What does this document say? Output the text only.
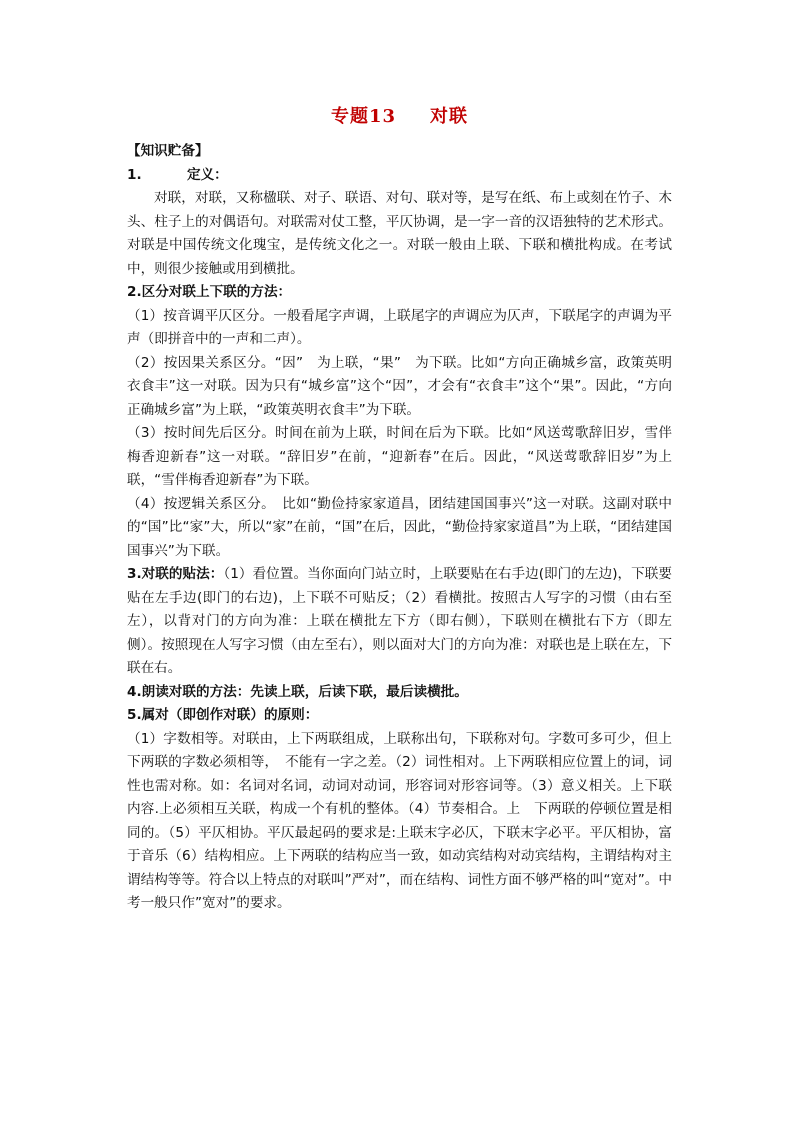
专题13 对联

【知识贮备】

1.	定义：

对联，对联，又称楹联、对子、联语、对句、联对等，是写在纸、布上或刻在竹子、木头、柱子上的对偶语句。对联需对仗工整，平仄协调，是一字一音的汉语独特的艺术形式。对联是中国传统文化瑰宝，是传统文化之一。对联一般由上联、下联和横批构成。在考试中，则很少接触或用到横批。

2.区分对联上下联的方法：

（1）按音调平仄区分。一般看尾字声调，上联尾字的声调应为仄声，下联尾字的声调为平声（即拼音中的一声和二声）。

（2）按因果关系区分。“因”　为上联，“果”　为下联。比如“方向正确城乡富，政策英明衣食丰”这一对联。因为只有“城乡富”这个“因”，才会有“衣食丰”这个“果”。因此，“方向正确城乡富”为上联，“政策英明衣食丰”为下联。

（3）按时间先后区分。时间在前为上联，时间在后为下联。比如“风送莺歌辞旧岁，雪伴梅香迎新春”这一对联。“辞旧岁”在前，“迎新春”在后。因此，“风送莺歌辞旧岁”为上联，“雪伴梅香迎新春”为下联。

（4）按逻辑关系区分。　比如“勤俭持家家道昌，团结建国国事兴”这一对联。这副对联中的“国”比“家”大，所以“家”在前，“国”在后，因此，“勤俭持家家道昌”为上联，“团结建国国事兴”为下联。

3.对联的贴法：（1）看位置。当你面向门站立时，上联要贴在右手边(即门的左边)，下联要贴在左手边(即门的右边)，上下联不可贴反；（2）看横批。按照古人写字的习惯（由右至左），以背对门的方向为准：上联在横批左下方（即右侧），下联则在横批右下方（即左侧）。按照现在人写字习惯（由左至右），则以面对大门的方向为准：对联也是上联在左，下联在右。

4.朗读对联的方法：先读上联，后读下联，最后读横批。

5.属对（即创作对联）的原则：

（1）字数相等。对联由，上下两联组成，上联称出句，下联称对句。字数可多可少，但上下两联的字数必须相等，　不能有一字之差。（2）词性相对。上下两联相应位置上的词，词性也需对称。如：名词对名词，动词对动词，形容词对形容词等。（3）意义相关。上下联内容.上必须相互关联，构成一个有机的整体。（4）节奏相合。上　下两联的停顿位置是相同的。（5）平仄相协。平仄最起码的要求是:上联末字必仄，下联末字必平。平仄相协，富于音乐（6）结构相应。上下两联的结构应当一致，如动宾结构对动宾结构，主谓结构对主谓结构等等。符合以上特点的对联叫”严对”，而在结构、词性方面不够严格的叫“宽对”。中考一般只作”宽对”的要求。
